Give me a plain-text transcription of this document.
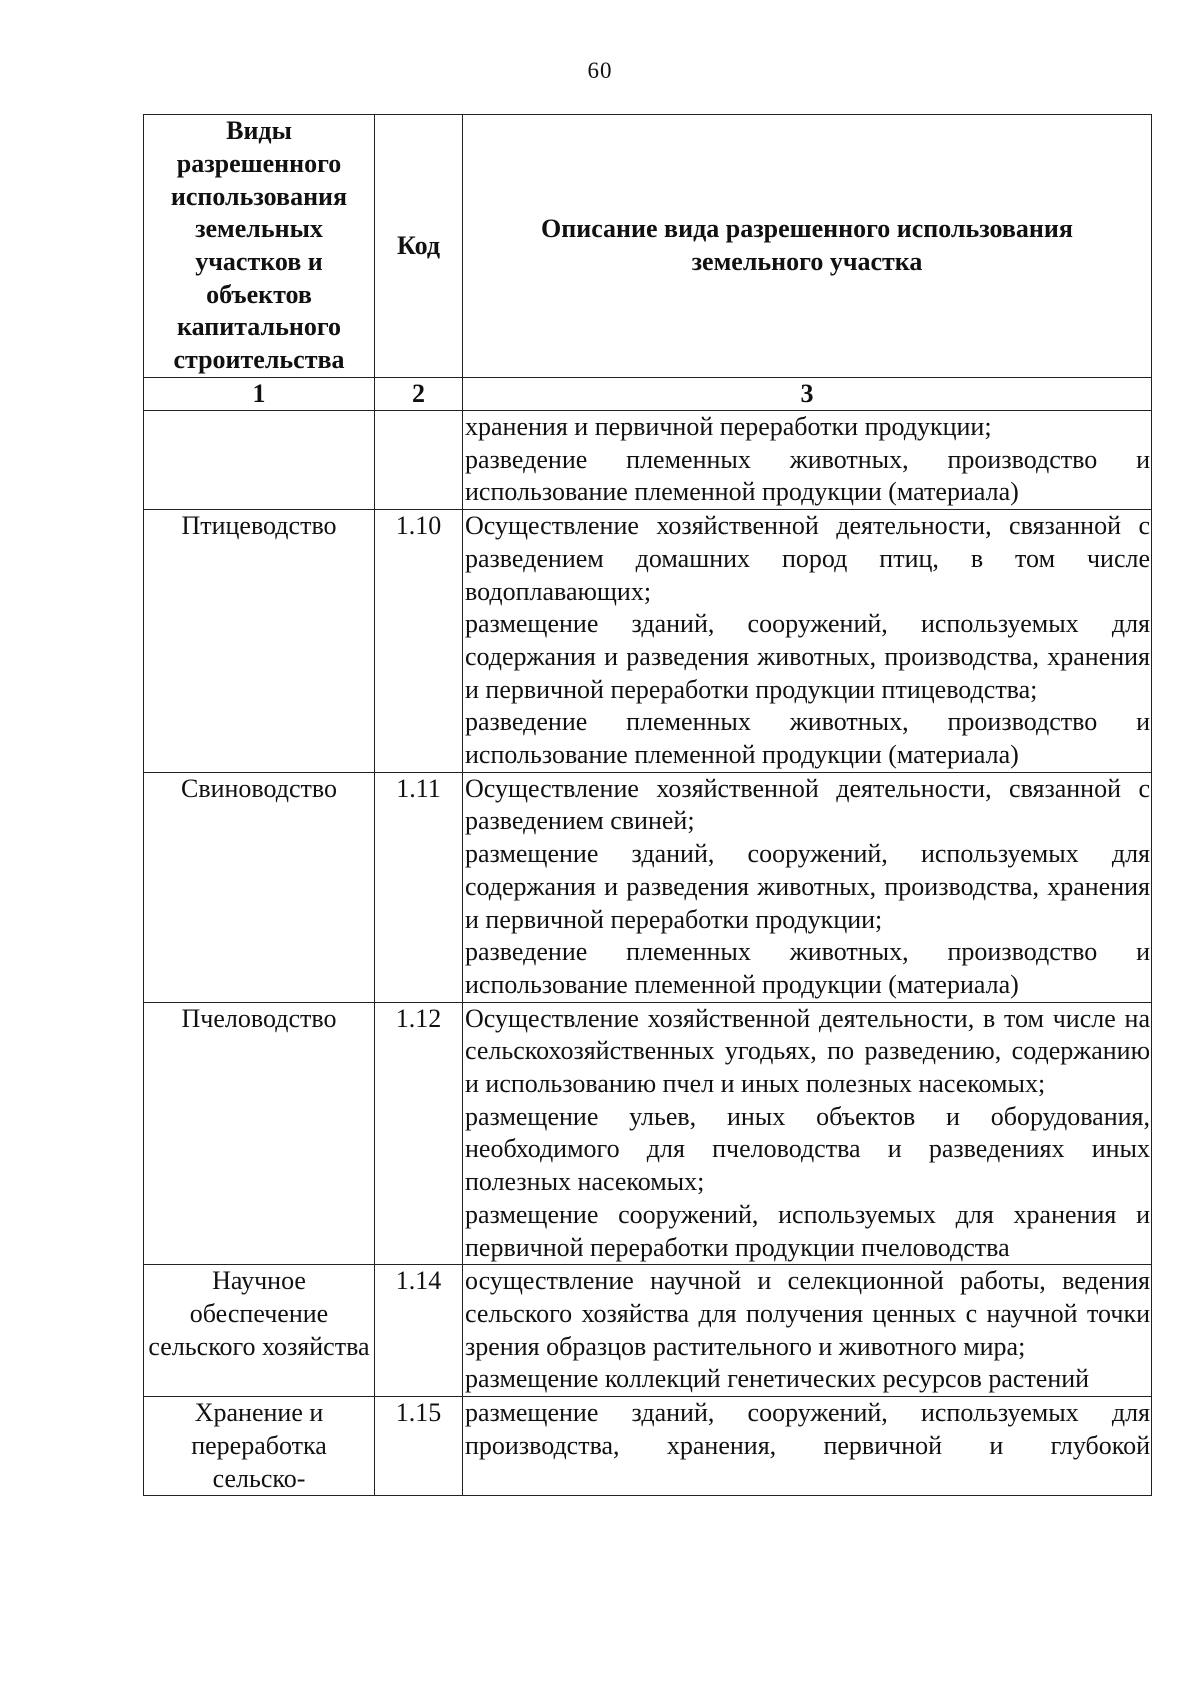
60
Виды разрешенного использования земельных участков и объектов капитального строительства	Код	Описание вида разрешенного использования земельного участка
1	2	3

		хранения и первичной переработки продукции;

разведение племенных животных, производство и использование племенной продукции (материала)

Птицеводство	1.10	Осуществление хозяйственной деятельности, связанной с разведением домашних пород птиц, в том числе водоплавающих;

размещение зданий, сооружений, используемых для содержания и разведения животных, производства, хранения и первичной переработки продукции птицеводства;

разведение племенных животных, производство и использование племенной продукции (материала)

Свиноводство	1.11	Осуществление хозяйственной деятельности, связанной с разведением свиней;

размещение зданий, сооружений, используемых для содержания и разведения животных, производства, хранения и первичной переработки продукции;

разведение племенных животных, производство и использование племенной продукции (материала)

Пчеловодство	1.12	Осуществление хозяйственной деятельности, в том числе на сельскохозяйственных угодьях, по разведению, содержанию и использованию пчел и иных полезных насекомых;

размещение ульев, иных объектов и оборудования, необходимого для пчеловодства и разведениях иных полезных насекомых;

размещение сооружений, используемых для хранения и первичной переработки продукции пчеловодства

Научное обеспечение сельского хозяйства	1.14	осуществление научной и селекционной работы, ведения сельского хозяйства для получения ценных с научной точки зрения образцов растительного и животного мира;

размещение коллекций генетических ресурсов растений

Хранение и переработка сельско-	1.15	размещение зданий, сооружений, используемых для производства, хранения, первичной и глубокой
